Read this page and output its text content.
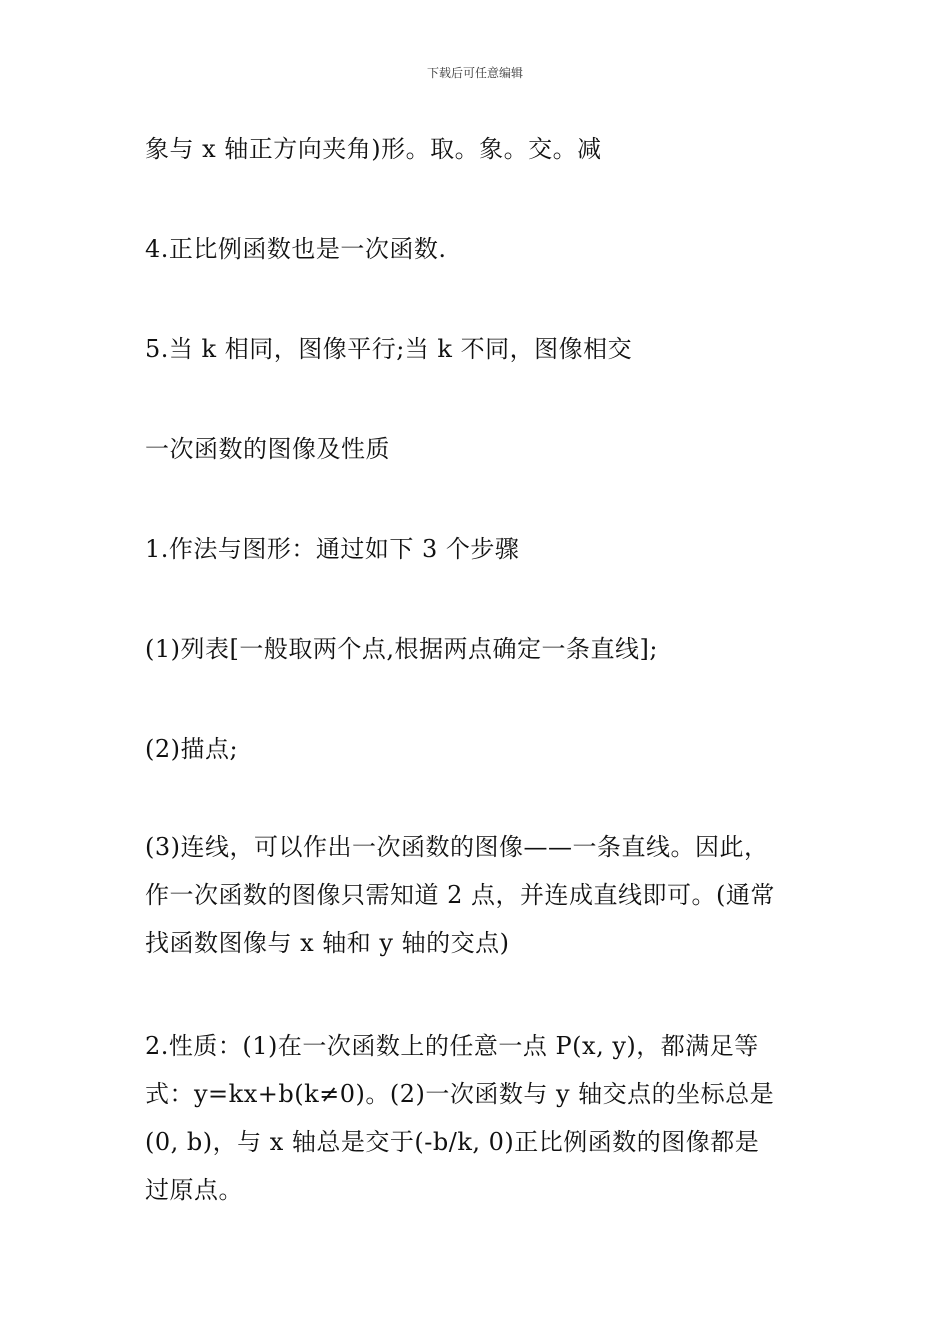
下载后可任意编辑
象与 x 轴正方向夹角)形。取。象。交。减
4.正比例函数也是一次函数.
5.当 k 相同，图像平行;当 k 不同，图像相交
一次函数的图像及性质
1.作法与图形：通过如下 3 个步骤
(1)列表[一般取两个点,根据两点确定一条直线];
(2)描点;
(3)连线，可以作出一次函数的图像——一条直线。因此，
作一次函数的图像只需知道 2 点，并连成直线即可。(通常
找函数图像与 x 轴和 y 轴的交点)
2.性质：(1)在一次函数上的任意一点 P(x, y)，都满足等
式：y=kx+b(k≠0)。(2)一次函数与 y 轴交点的坐标总是
(0, b)，与 x 轴总是交于(-b/k, 0)正比例函数的图像都是
过原点。
